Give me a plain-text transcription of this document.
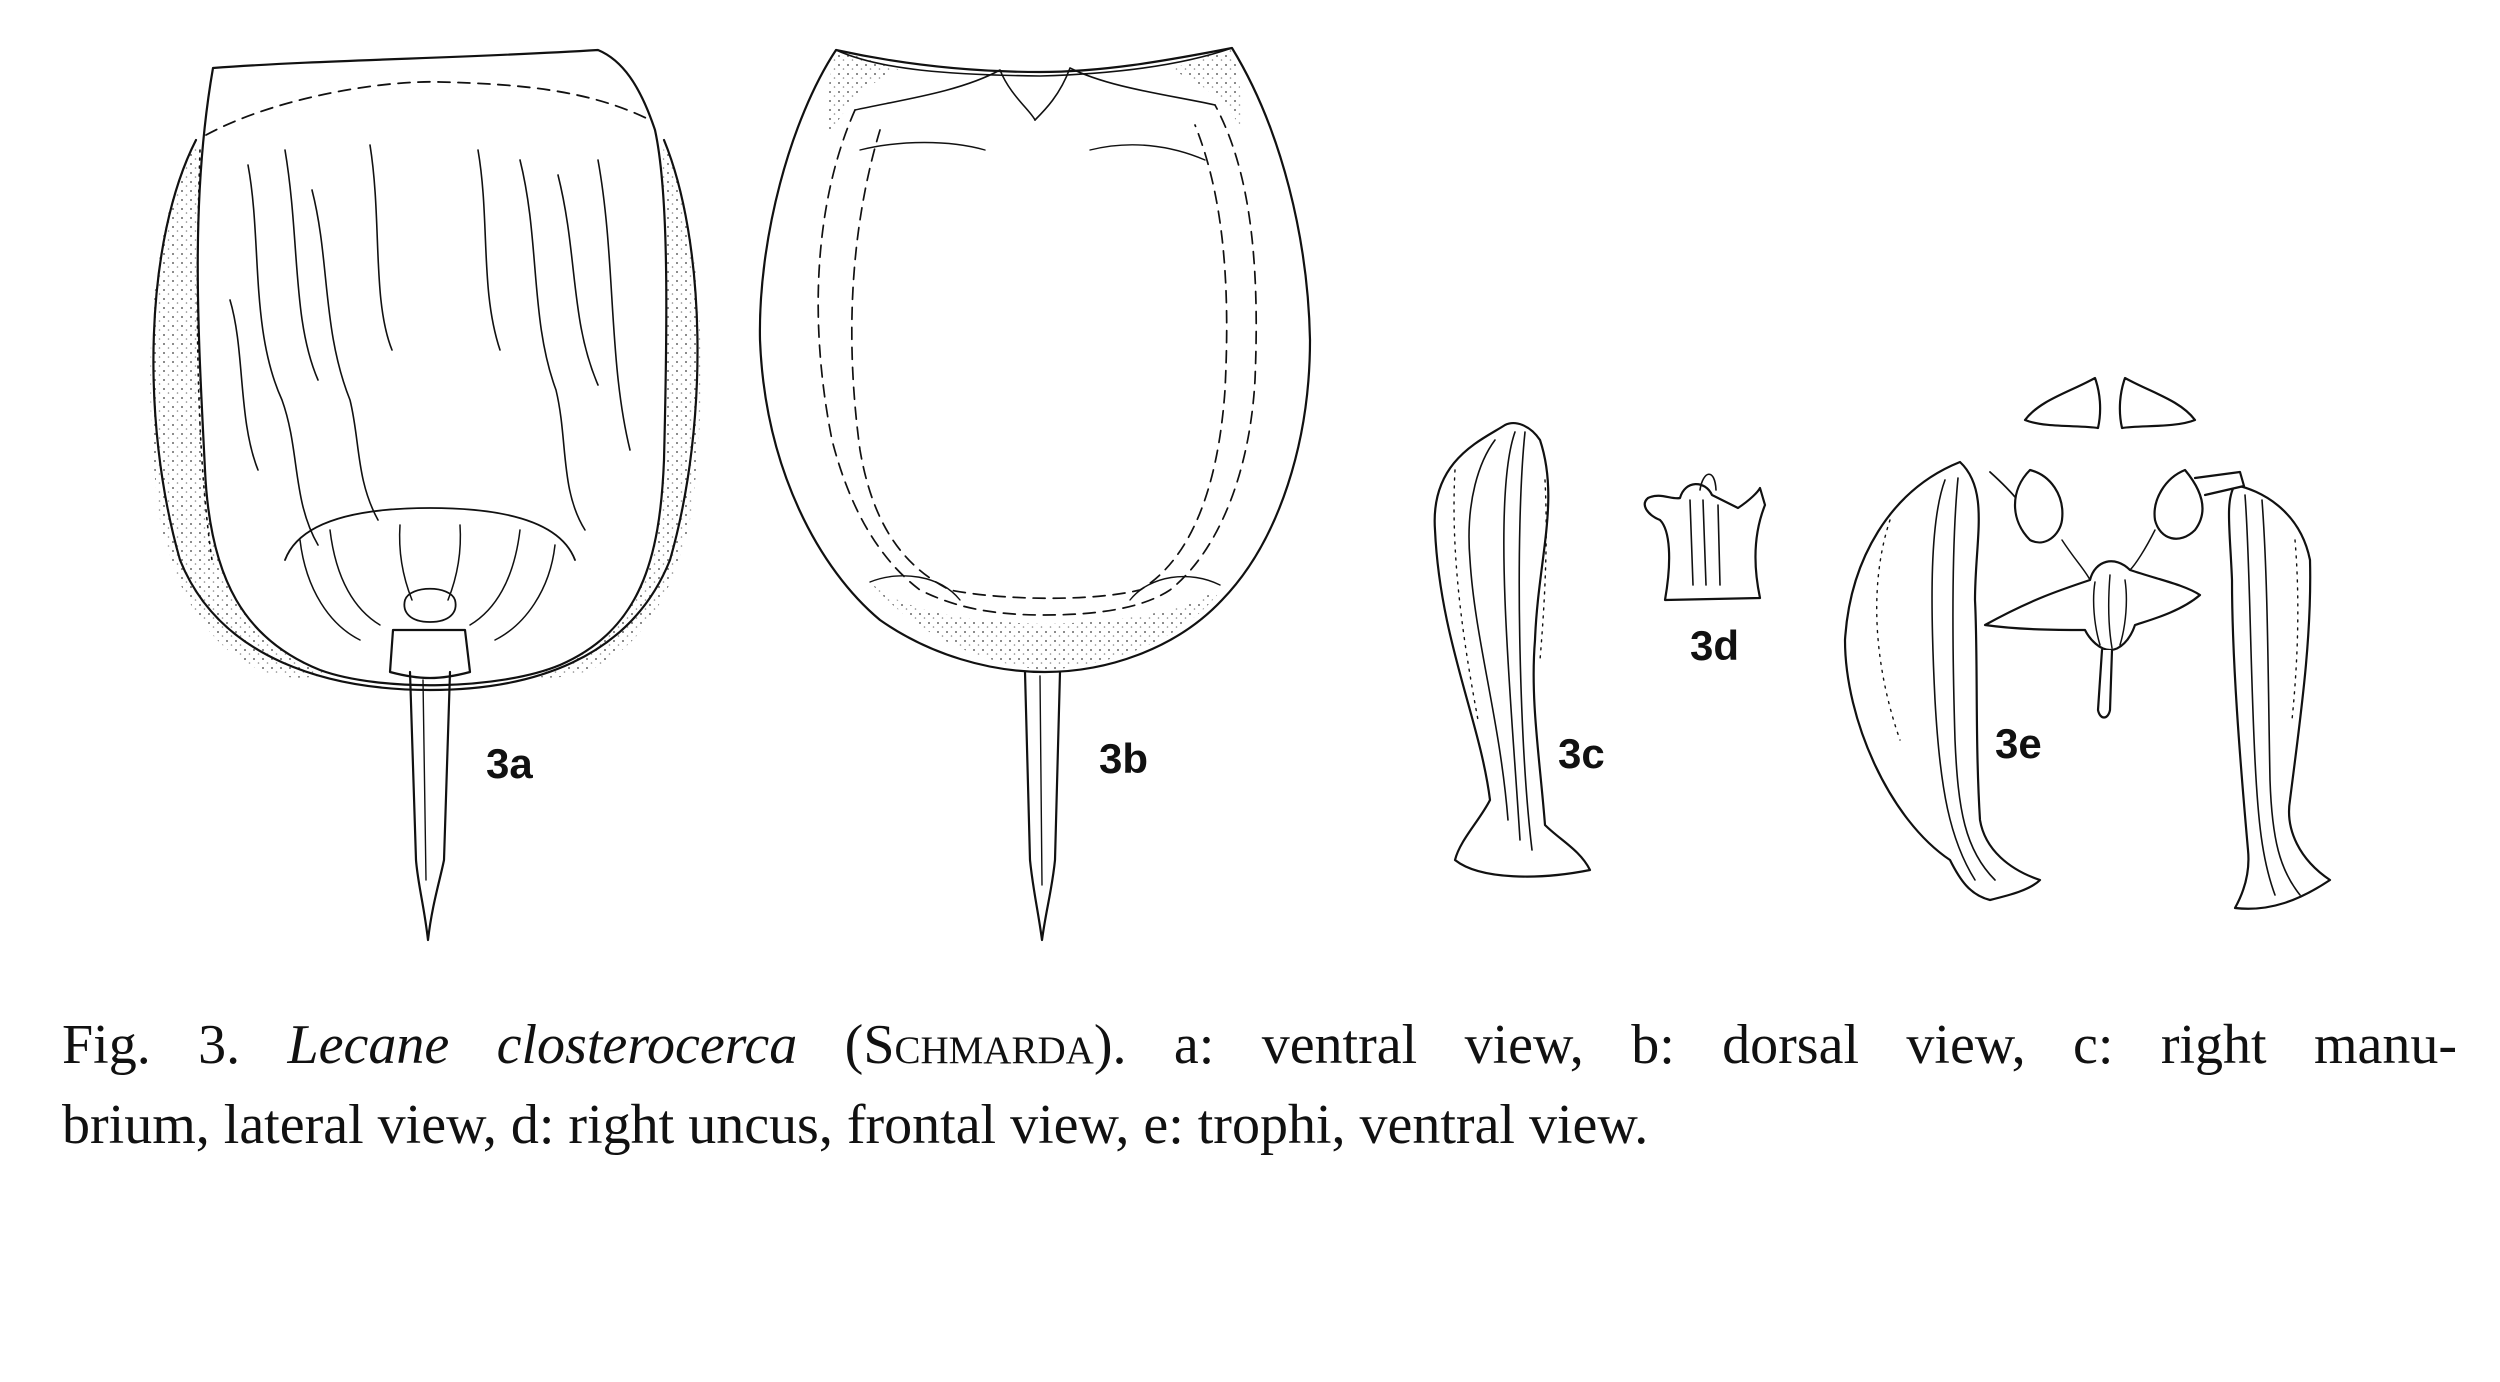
3a	3b	3c
3d
3e
Fig. 3. Lecane closterocerca (Schmarda). a: ventral view, b: dorsal view, c: right manu-
brium, lateral view, d: right uncus, frontal view, e: trophi, ventral view.
